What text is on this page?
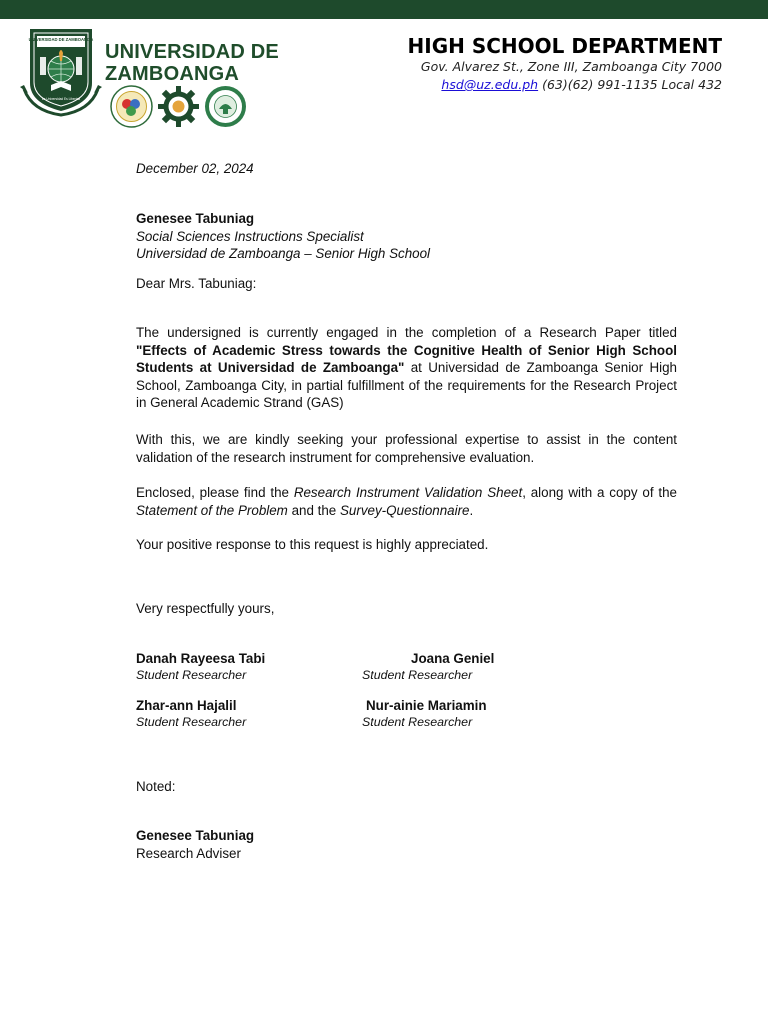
UNIVERSIDAD DE ZAMBOANGA
La Universidad Es Libertad
UNIVERSIDAD DE
ZAMBOANGA
HIGH SCHOOL DEPARTMENT
Gov. Alvarez St., Zone III, Zamboanga City 7000
hsd@uz.edu.ph (63)(62) 991-1135 Local 432
December 02, 2024
Genesee Tabuniag
Social Sciences Instructions Specialist
Universidad de Zamboanga – Senior High School
Dear Mrs. Tabuniag:
The undersigned is currently engaged in the completion of a Research Paper titled "Effects of Academic Stress towards the Cognitive Health of Senior High School Students at Universidad de Zamboanga" at Universidad de Zamboanga Senior High School, Zamboanga City, in partial fulfillment of the requirements for the Research Project in General Academic Strand (GAS)
With this, we are kindly seeking your professional expertise to assist in the content validation of the research instrument for comprehensive evaluation.
Enclosed, please find the Research Instrument Validation Sheet, along with a copy of the Statement of the Problem and the Survey-Questionnaire.
Your positive response to this request is highly appreciated.
Very respectfully yours,
Danah Rayeesa Tabi
Student Researcher
Joana Geniel
Student Researcher
Zhar-ann Hajalil
Student Researcher
Nur-ainie Mariamin
Student Researcher
Noted:
Genesee Tabuniag
Research Adviser
